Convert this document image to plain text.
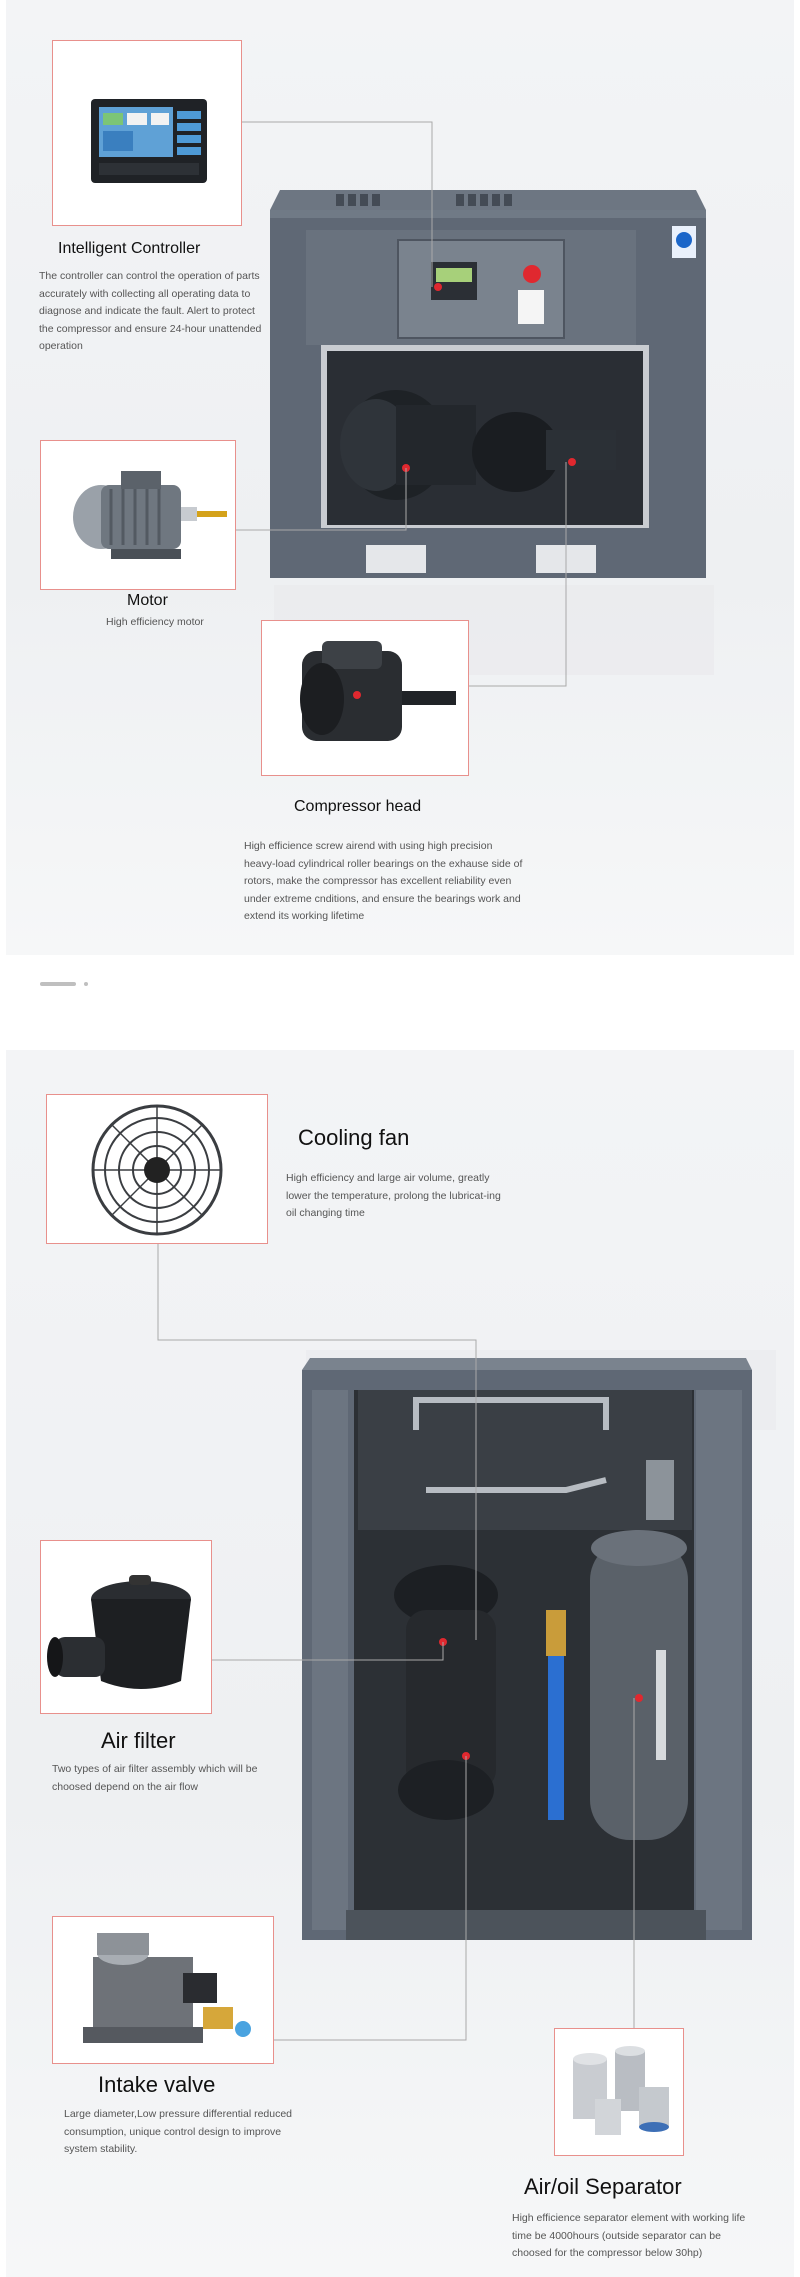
Intelligent Controller
The controller can control the operation of parts accurately with collecting all operating data to diagnose and indicate the fault. Alert to protect the compressor and ensure 24-hour unattended operation
Motor
High efficiency motor
Compressor head
High efficience screw airend with using high precision heavy-load cylindrical roller bearings on the exhause side of rotors, make the compressor has excellent reliability even under extreme cnditions, and ensure the bearings work and extend its working lifetime
Cooling fan
High efficiency and large air volume, greatly lower the temperature, prolong the lubricat-ing oil changing time
Air filter
Two types of air filter assembly which will be choosed depend on the air flow
Intake valve
Large diameter,Low pressure differential reduced consumption, unique control design to improve system stability.
Air/oil Separator
High efficience separator element with working life time be 4000hours (outside separator can be choosed for the compressor below 30hp)
